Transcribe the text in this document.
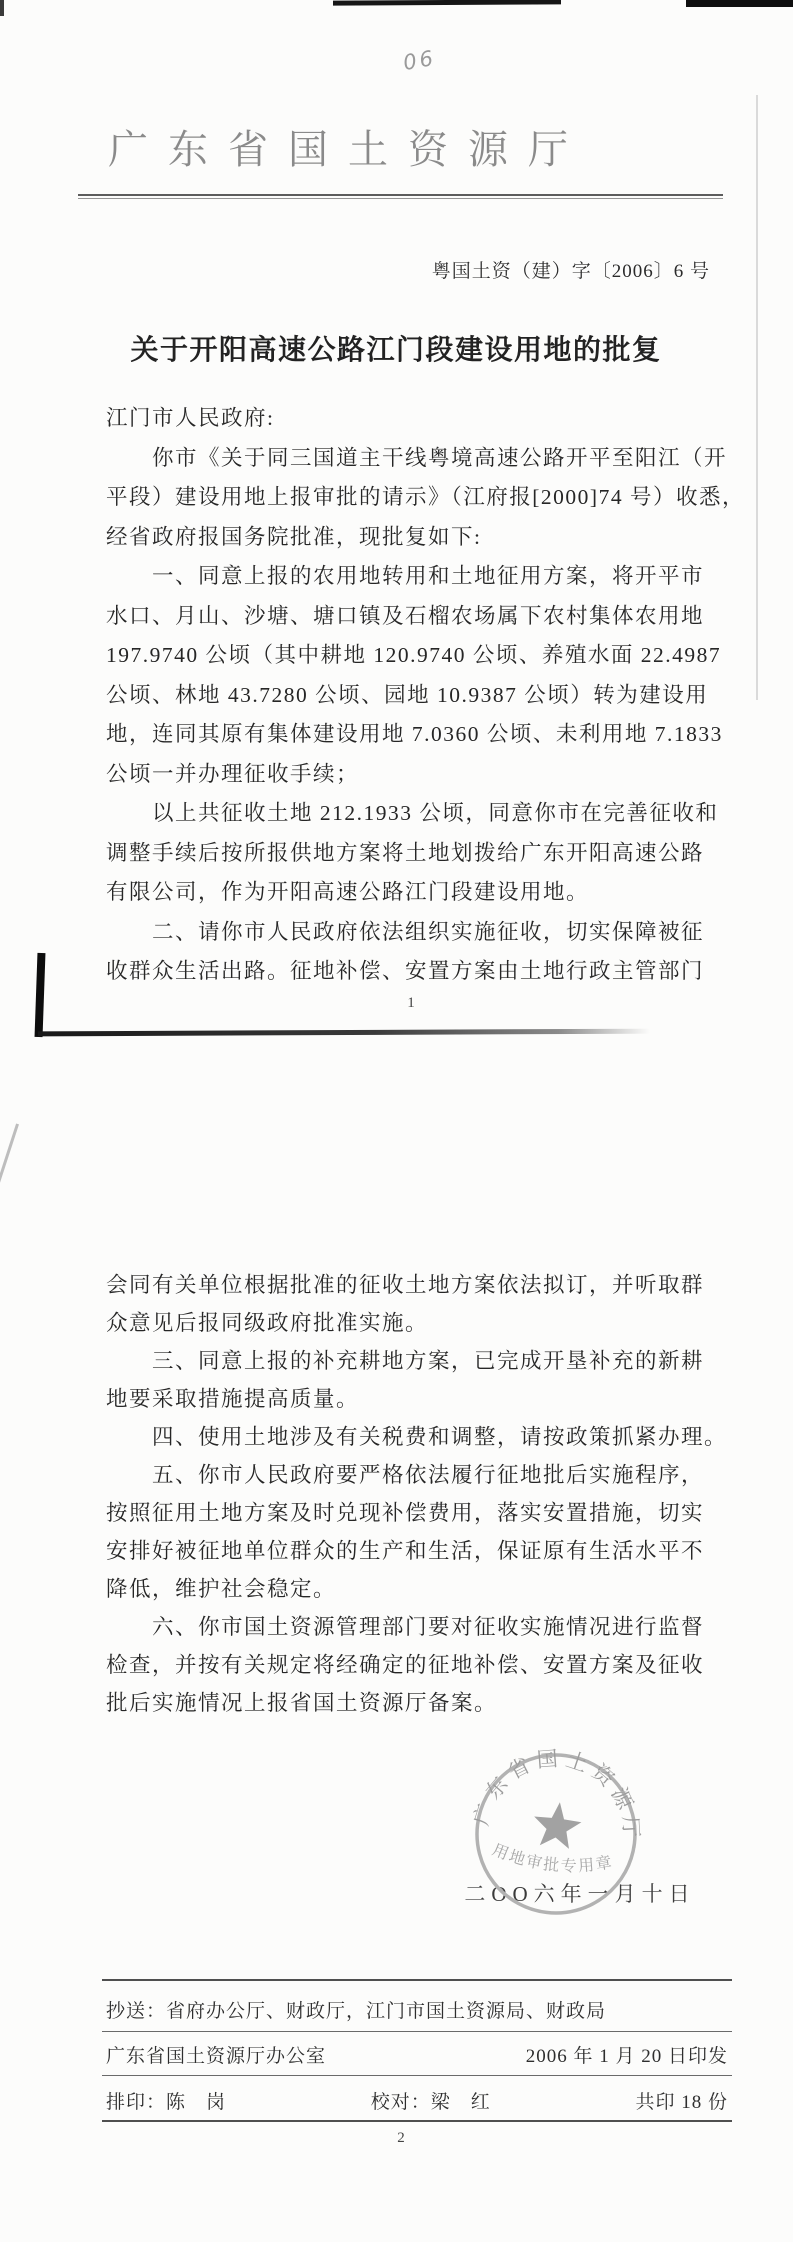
06
广东省国土资源厅
粤国土资（建）字〔2006〕6 号
关于开阳高速公路江门段建设用地的批复
江门市人民政府:
　　你市《关于同三国道主干线粤境高速公路开平至阳江（开
平段）建设用地上报审批的请示》（江府报[2000]74 号）收悉，
经省政府报国务院批准，现批复如下:
　　一、同意上报的农用地转用和土地征用方案，将开平市
水口、月山、沙塘、塘口镇及石榴农场属下农村集体农用地
197.9740 公顷（其中耕地 120.9740 公顷、养殖水面 22.4987
公顷、林地 43.7280 公顷、园地 10.9387 公顷）转为建设用
地，连同其原有集体建设用地 7.0360 公顷、未利用地 7.1833
公顷一并办理征收手续；
　　以上共征收土地 212.1933 公顷，同意你市在完善征收和
调整手续后按所报供地方案将土地划拨给广东开阳高速公路
有限公司，作为开阳高速公路江门段建设用地。
　　二、请你市人民政府依法组织实施征收，切实保障被征
收群众生活出路。征地补偿、安置方案由土地行政主管部门
1
会同有关单位根据批准的征收土地方案依法拟订，并听取群
众意见后报同级政府批准实施。
　　三、同意上报的补充耕地方案，已完成开垦补充的新耕
地要采取措施提高质量。
　　四、使用土地涉及有关税费和调整，请按政策抓紧办理。
　　五、你市人民政府要严格依法履行征地批后实施程序，
按照征用土地方案及时兑现补偿费用，落实安置措施，切实
安排好被征地单位群众的生产和生活，保证原有生活水平不
降低，维护社会稳定。
　　六、你市国土资源管理部门要对征收实施情况进行监督
检查，并按有关规定将经确定的征地补偿、安置方案及征收
批后实施情况上报省国土资源厅备案。
二OO六年一月十日
广东省国土资源厅
用地审批专用章
抄送：省府办公厅、财政厅，江门市国土资源局、财政局
广东省国土资源厅办公室	2006 年 1 月 20 日印发
排印：陈　岗	校对：梁　红	共印 18 份
2
